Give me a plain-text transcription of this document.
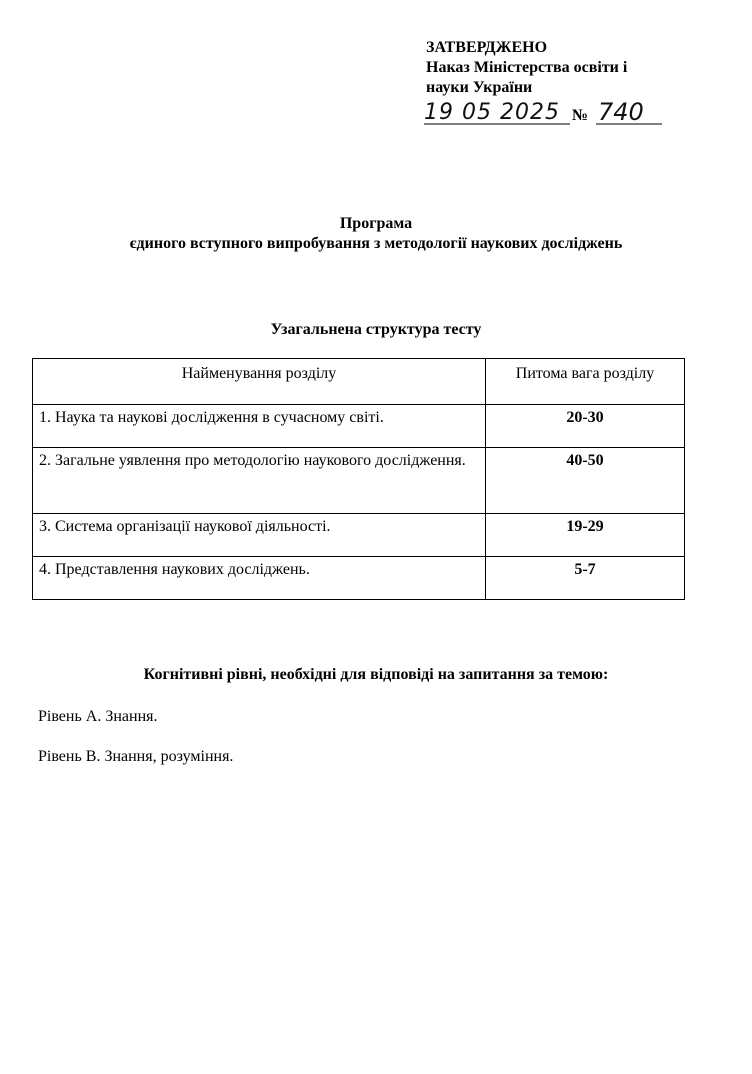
ЗАТВЕРДЖЕНО
Наказ Міністерства освіти і
науки України
19 05 2025 № 740
Програма
єдиного вступного випробування з методології наукових досліджень
Узагальнена структура тесту
Найменування розділу	Питома вага розділу
1. Наука та наукові дослідження в сучасному світі.	20-30
2. Загальне уявлення про методологію наукового дослідження.	40-50
3. Система організації наукової діяльності.	19-29
4. Представлення наукових досліджень.	5-7
Когнітивні рівні, необхідні для відповіді на запитання за темою:
Рівень А. Знання.
Рівень В. Знання, розуміння.
